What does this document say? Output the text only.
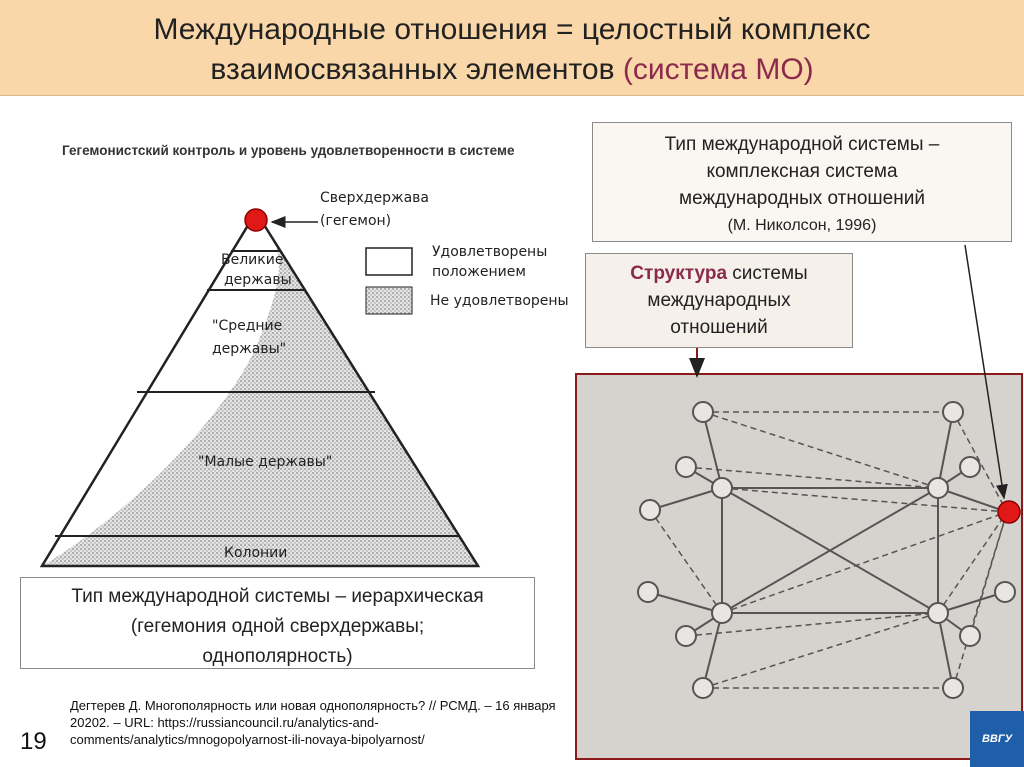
Международные отношения = целостный комплекс
взаимосвязанных элементов (система МО)
Гегемонистский контроль и уровень удовлетворенности в системе
Великие
державы
"Средние
державы"
"Малые державы"
Колонии
Сверхдержава
(гегемон)
Удовлетворены
положением
Не удовлетворены
Тип международной системы – иерархическая
(гегемония одной сверхдержавы;
однополярность)
Тип международной системы –
комплексная система
международных отношений
(М. Николсон, 1996)
Структура системы
международных
отношений
Дегтерев Д. Многополярность или новая однополярность? // РСМД. – 16 января 20202. – URL: https://russiancouncil.ru/analytics-and-comments/analytics/mnogopolyarnost-ili-novaya-bipolyarnost/
19	ВВГУ
